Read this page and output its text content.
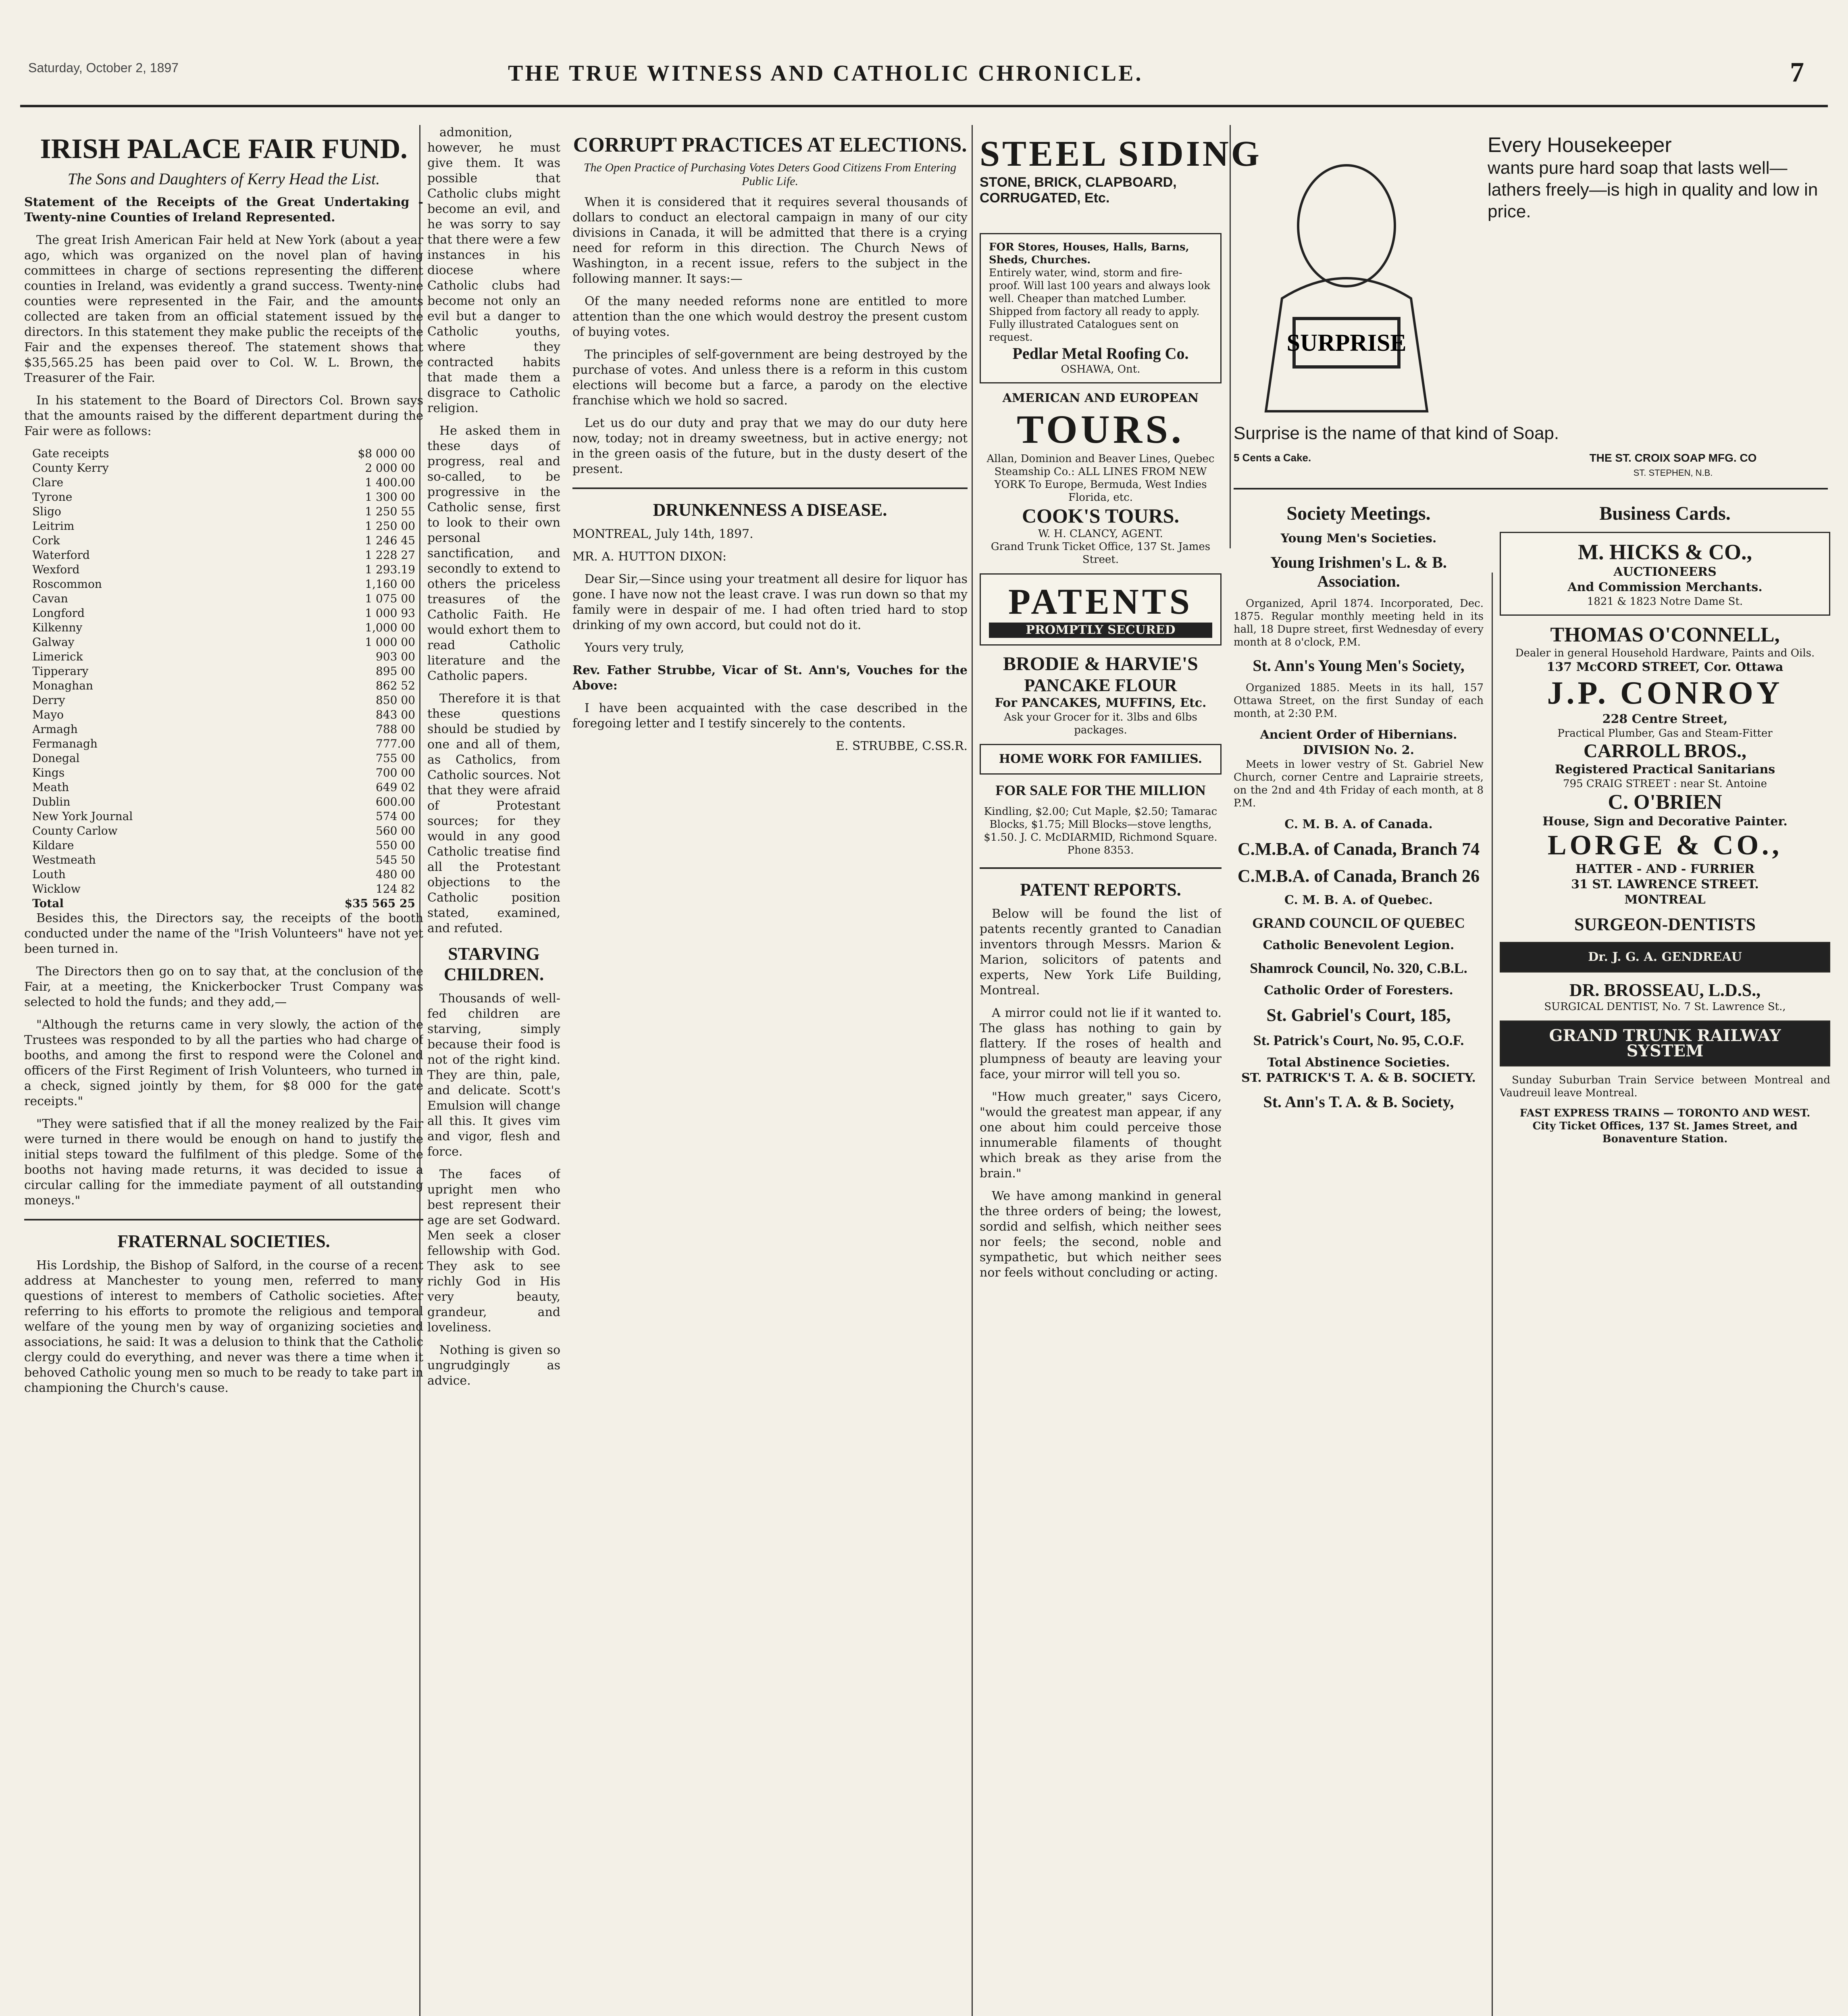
Saturday, October 2, 1897	THE TRUE WITNESS AND CATHOLIC CHRONICLE.	7
IRISH PALACE FAIR FUND.
The Sons and Daughters of Kerry Head the List.

Statement of the Receipts of the Great Undertaking - Twenty-nine Counties of Ireland Represented.

The great Irish American Fair held at New York (about a year ago, which was organized on the novel plan of having committees in charge of sections representing the different counties in Ireland, was evidently a grand success. Twenty-nine counties were represented in the Fair, and the amounts collected are taken from an official statement issued by the directors. In this statement they make public the receipts of the Fair and the expenses thereof. The statement shows that $35,565.25 has been paid over to Col. W. L. Brown, the Treasurer of the Fair.

In his statement to the Board of Directors Col. Brown says that the amounts raised by the different department during the Fair were as follows:

Gate receipts	$8 000 00
County Kerry	2 000 00
Clare	1 400.00
Tyrone	1 300 00
Sligo	1 250 55
Leitrim	1 250 00
Cork	1 246 45
Waterford	1 228 27
Wexford	1 293.19
Roscommon	1,160 00
Cavan	1 075 00
Longford	1 000 93
Kilkenny	1,000 00
Galway	1 000 00
Limerick	903 00
Tipperary	895 00
Monaghan	862 52
Derry	850 00
Mayo	843 00
Armagh	788 00
Fermanagh	777.00
Donegal	755 00
Kings	700 00
Meath	649 02
Dublin	600.00
New York Journal	574 00
County Carlow	560 00
Kildare	550 00
Westmeath	545 50
Louth	480 00
Wicklow	124 82
Total	$35 565 25

Besides this, the Directors say, the receipts of the booth conducted under the name of the "Irish Volunteers" have not yet been turned in.

The Directors then go on to say that, at the conclusion of the Fair, at a meeting, the Knickerbocker Trust Company was selected to hold the funds; and they add,—

"Although the returns came in very slowly, the action of the Trustees was responded to by all the parties who had charge of booths, and among the first to respond were the Colonel and officers of the First Regiment of Irish Volunteers, who turned in a check, signed jointly by them, for $8 000 for the gate receipts."

"They were satisfied that if all the money realized by the Fair were turned in there would be enough on hand to justify the initial steps toward the fulfilment of this pledge. Some of the booths not having made returns, it was decided to issue a circular calling for the immediate payment of all outstanding moneys."

FRATERNAL SOCIETIES.

His Lordship, the Bishop of Salford, in the course of a recent address at Manchester to young men, referred to many questions of interest to members of Catholic societies. After referring to his efforts to promote the religious and temporal welfare of the young men by way of organizing societies and associations, he said: It was a delusion to think that the Catholic clergy could do everything, and never was there a time when it behoved Catholic young men so much to be ready to take part in championing the Church's cause.

admonition, however, he must give them. It was possible that Catholic clubs might become an evil, and he was sorry to say that there were a few instances in his diocese where Catholic clubs had become not only an evil but a danger to Catholic youths, where they contracted habits that made them a disgrace to Catholic religion.

He asked them in these days of progress, real and so-called, to be progressive in the Catholic sense, first to look to their own personal sanctification, and secondly to extend to others the priceless treasures of the Catholic Faith. He would exhort them to read Catholic literature and the Catholic papers.

Therefore it is that these questions should be studied by one and all of them, as Catholics, from Catholic sources. Not that they were afraid of Protestant sources; for they would in any good Catholic treatise find all the Protestant objections to the Catholic position stated, examined, and refuted.

STARVING CHILDREN.

Thousands of well-fed children are starving, simply because their food is not of the right kind. They are thin, pale, and delicate. Scott's Emulsion will change all this. It gives vim and vigor, flesh and force.

The faces of upright men who best represent their age are set Godward. Men seek a closer fellowship with God. They ask to see richly God in His very beauty, grandeur, and loveliness.

Nothing is given so ungrudgingly as advice.

CORRUPT PRACTICES AT ELECTIONS.
The Open Practice of Purchasing Votes Deters Good Citizens From Entering Public Life.

When it is considered that it requires several thousands of dollars to conduct an electoral campaign in many of our city divisions in Canada, it will be admitted that there is a crying need for reform in this direction. The Church News of Washington, in a recent issue, refers to the subject in the following manner. It says:—

Of the many needed reforms none are entitled to more attention than the one which would destroy the present custom of buying votes.

The principles of self-government are being destroyed by the purchase of votes. And unless there is a reform in this custom elections will become but a farce, a parody on the elective franchise which we hold so sacred.

Let us do our duty and pray that we may do our duty here now, today; not in dreamy sweetness, but in active energy; not in the green oasis of the future, but in the dusty desert of the present.

DRUNKENNESS A DISEASE.

MONTREAL, July 14th, 1897.

MR. A. HUTTON DIXON:

Dear Sir,—Since using your treatment all desire for liquor has gone. I have now not the least crave. I was run down so that my family were in despair of me. I had often tried hard to stop drinking of my own accord, but could not do it.

Yours very truly,

Rev. Father Strubbe, Vicar of St. Ann's, Vouches for the Above:

I have been acquainted with the case described in the foregoing letter and I testify sincerely to the contents.

E. STRUBBE, C.SS.R.

STEEL SIDING
STONE, BRICK, CLAPBOARD, CORRUGATED, Etc.
FOR Stores, Houses, Halls, Barns, Sheds, Churches.
Entirely water, wind, storm and fire-proof. Will last 100 years and always look well. Cheaper than matched Lumber. Shipped from factory all ready to apply. Fully illustrated Catalogues sent on request.
Pedlar Metal Roofing Co.
OSHAWA, Ont.
AMERICAN AND EUROPEAN
TOURS.
Allan, Dominion and Beaver Lines, Quebec Steamship Co.: ALL LINES FROM NEW YORK To Europe, Bermuda, West Indies Florida, etc.
COOK'S TOURS.
W. H. CLANCY, AGENT.
Grand Trunk Ticket Office, 137 St. James Street.
PATENTS
PROMPTLY SECURED
BRODIE & HARVIE'S
PANCAKE FLOUR
For PANCAKES, MUFFINS, Etc.
Ask your Grocer for it. 3lbs and 6lbs packages.
HOME WORK FOR FAMILIES.
FOR SALE FOR THE MILLION
Kindling, $2.00; Cut Maple, $2.50; Tamarac Blocks, $1.75; Mill Blocks—stove lengths, $1.50. J. C. McDIARMID, Richmond Square. Phone 8353.
PATENT REPORTS.

Below will be found the list of patents recently granted to Canadian inventors through Messrs. Marion & Marion, solicitors of patents and experts, New York Life Building, Montreal.

A mirror could not lie if it wanted to. The glass has nothing to gain by flattery. If the roses of health and plumpness of beauty are leaving your face, your mirror will tell you so.

"How much greater," says Cicero, "would the greatest man appear, if any one about him could perceive those innumerable filaments of thought which break as they arise from the brain."

We have among mankind in general the three orders of being; the lowest, sordid and selfish, which neither sees nor feels; the second, noble and sympathetic, but which neither sees nor feels without concluding or acting.

SURPRISE
Every Housekeeper
wants pure hard soap that lasts well—lathers freely—is high in quality and low in price.
Surprise is the name of that kind of Soap.
5 Cents a Cake.	THE ST. CROIX SOAP MFG. CO
ST. STEPHEN, N.B.
Society Meetings.
Young Men's Societies.
Young Irishmen's L. & B. Association.

Organized, April 1874. Incorporated, Dec. 1875. Regular monthly meeting held in its hall, 18 Dupre street, first Wednesday of every month at 8 o'clock, P.M.

St. Ann's Young Men's Society,

Organized 1885. Meets in its hall, 157 Ottawa Street, on the first Sunday of each month, at 2:30 P.M.

Ancient Order of Hibernians.
DIVISION No. 2.

Meets in lower vestry of St. Gabriel New Church, corner Centre and Laprairie streets, on the 2nd and 4th Friday of each month, at 8 P.M.

C. M. B. A. of Canada.
C.M.B.A. of Canada, Branch 74
C.M.B.A. of Canada, Branch 26
C. M. B. A. of Quebec.
GRAND COUNCIL OF QUEBEC
Catholic Benevolent Legion.
Shamrock Council, No. 320, C.B.L.
Catholic Order of Foresters.
St. Gabriel's Court, 185,
St. Patrick's Court, No. 95, C.O.F.
Total Abstinence Societies.
ST. PATRICK'S T. A. & B. SOCIETY.
St. Ann's T. A. & B. Society,
Business Cards.
M. HICKS & CO.,
AUCTIONEERS
And Commission Merchants.
1821 & 1823 Notre Dame St.
THOMAS O'CONNELL,
Dealer in general Household Hardware, Paints and Oils.
137 McCORD STREET, Cor. Ottawa
J.P. CONROY
228 Centre Street,
Practical Plumber, Gas and Steam-Fitter
CARROLL BROS.,
Registered Practical Sanitarians
795 CRAIG STREET : near St. Antoine
C. O'BRIEN
House, Sign and Decorative Painter.
LORGE & CO.,
HATTER - AND - FURRIER
31 ST. LAWRENCE STREET.
MONTREAL
SURGEON-DENTISTS
Dr. J. G. A. GENDREAU
DR. BROSSEAU, L.D.S.,
SURGICAL DENTIST, No. 7 St. Lawrence St.,
GRAND TRUNK RAILWAY SYSTEM

Sunday Suburban Train Service between Montreal and Vaudreuil leave Montreal.

FAST EXPRESS TRAINS — TORONTO AND WEST.
City Ticket Offices, 137 St. James Street, and Bonaventure Station.
